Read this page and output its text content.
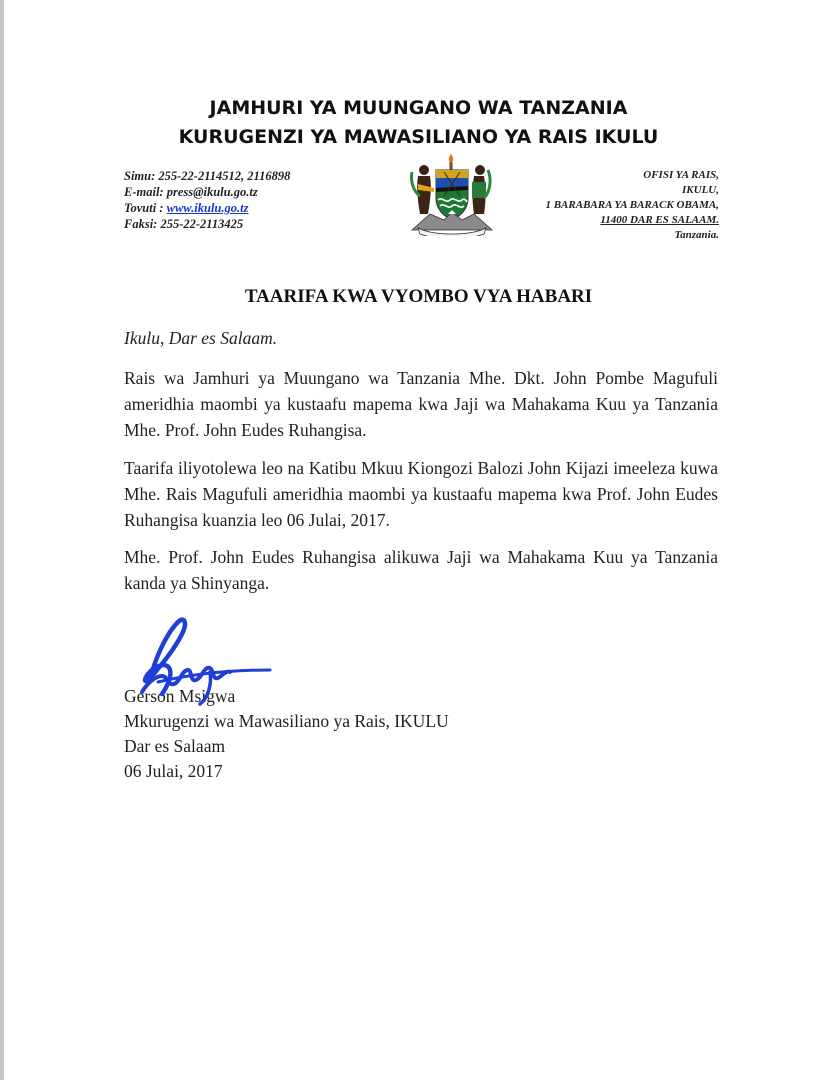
JAMHURI YA MUUNGANO WA TANZANIA
KURUGENZI YA MAWASILIANO YA RAIS IKULU
Simu: 255-22-2114512, 2116898
E-mail: press@ikulu.go.tz
Tovuti : www.ikulu.go.tz
Faksi: 255-22-2113425
OFISI YA RAIS,
IKULU,
1 BARABARA YA BARACK OBAMA,
11400 DAR ES SALAAM.
Tanzania.
TAARIFA KWA VYOMBO VYA HABARI
Ikulu, Dar es Salaam.
Rais wa Jamhuri ya Muungano wa Tanzania Mhe. Dkt. John Pombe Magufuli ameridhia maombi ya kustaafu mapema kwa Jaji wa Mahakama Kuu ya Tanzania Mhe. Prof. John Eudes Ruhangisa.
Taarifa iliyotolewa leo na Katibu Mkuu Kiongozi Balozi John Kijazi imeeleza kuwa Mhe. Rais Magufuli ameridhia maombi ya kustaafu mapema kwa Prof. John Eudes Ruhangisa kuanzia leo 06 Julai, 2017.
Mhe. Prof. John Eudes Ruhangisa alikuwa Jaji wa Mahakama Kuu ya Tanzania kanda ya Shinyanga.
Gerson Msigwa
Mkurugenzi wa Mawasiliano ya Rais, IKULU
Dar es Salaam
06 Julai, 2017
